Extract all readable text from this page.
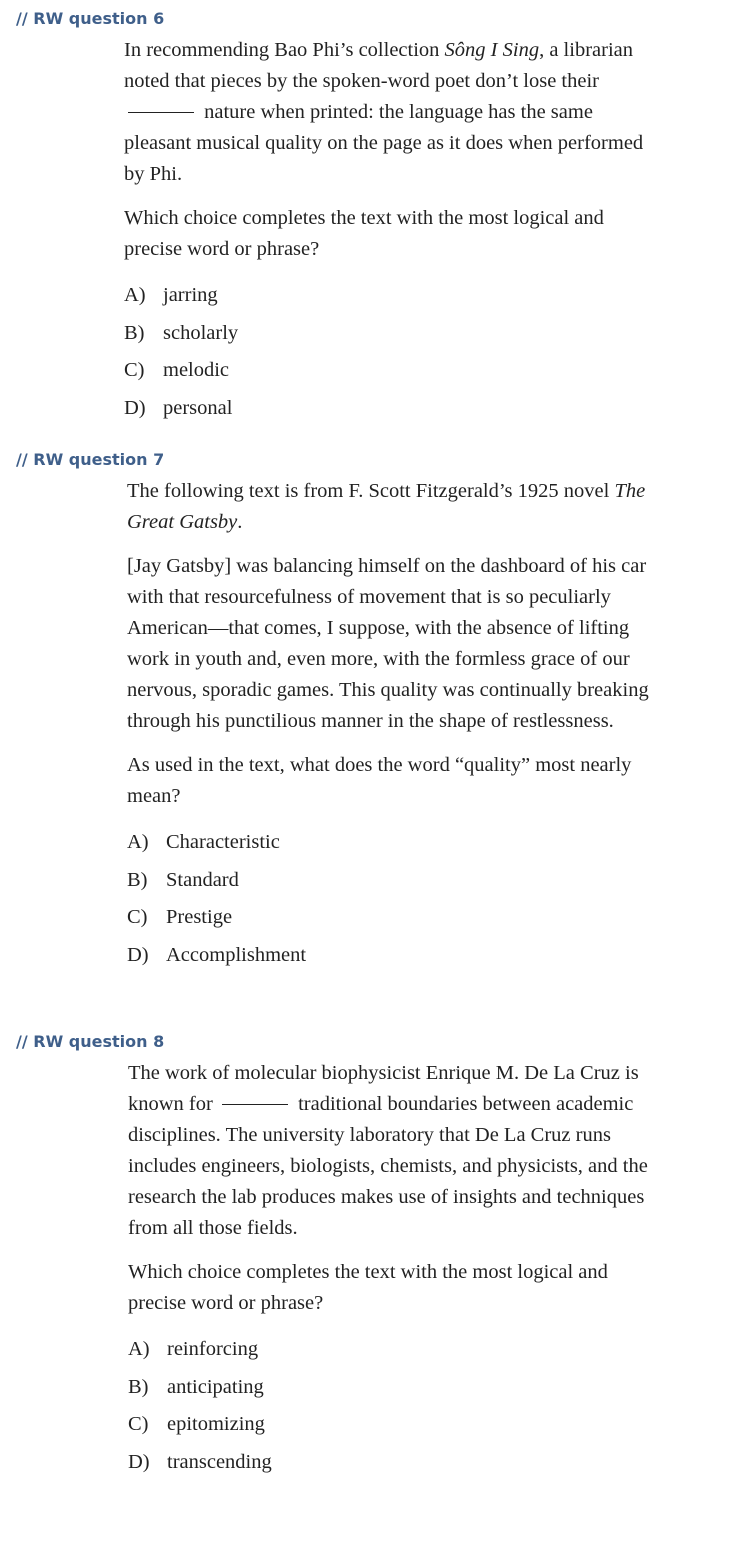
// RW question 6

In recommending Bao Phi’s collection Sông I Sing, a librarian noted that pieces by the spoken-word poet don’t lose their  nature when printed: the language has the same pleasant musical quality on the page as it does when performed by Phi.

Which choice completes the text with the most logical and precise word or phrase?

A) jarring
B) scholarly
C) melodic
D) personal
// RW question 7

The following text is from F. Scott Fitzgerald’s 1925 novel The Great Gatsby.

[Jay Gatsby] was balancing himself on the dashboard of his car with that resourcefulness of movement that is so peculiarly American—that comes, I suppose, with the absence of lifting work in youth and, even more, with the formless grace of our nervous, sporadic games. This quality was continually breaking through his punctilious manner in the shape of restlessness.

As used in the text, what does the word “quality” most nearly mean?

A) Characteristic
B) Standard
C) Prestige
D) Accomplishment
// RW question 8

The work of molecular biophysicist Enrique M. De La Cruz is known for	traditional boundaries between academic disciplines. The university laboratory that De La Cruz runs includes engineers, biologists, chemists, and physicists, and the research the lab produces makes use of insights and techniques from all those fields.

Which choice completes the text with the most logical and precise word or phrase?

A) reinforcing
B) anticipating
C) epitomizing
D) transcending
